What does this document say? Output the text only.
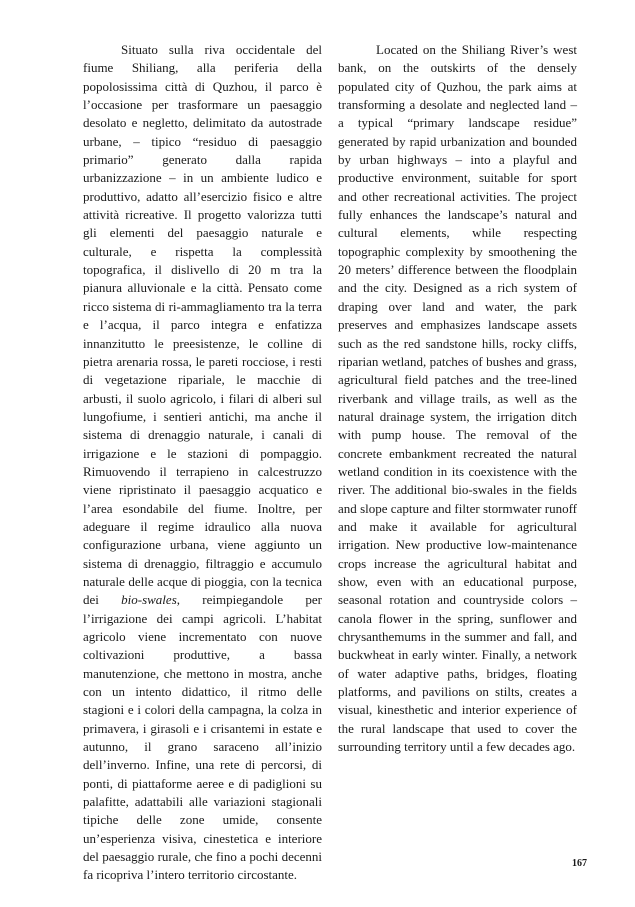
Situato sulla riva occidentale del fiume Shiliang, alla periferia della popolosissima città di Quzhou, il parco è l’occasione per trasformare un paesaggio desolato e negletto, delimitato da autostrade urbane, – tipico “residuo di paesaggio primario” generato dalla rapida urbanizzazione – in un ambiente ludico e produttivo, adatto all’esercizio fisico e altre attività ricreative. Il progetto valorizza tutti gli elementi del paesaggio naturale e culturale, e rispetta la complessità topografica, il dislivello di 20 m tra la pianura alluvionale e la città. Pensato come ricco sistema di ri-ammagliamento tra la terra e l’acqua, il parco integra e enfatizza innanzitutto le preesistenze, le colline di pietra arenaria rossa, le pareti rocciose, i resti di vegetazione ripariale, le macchie di arbusti, il suolo agricolo, i filari di alberi sul lungofiume, i sentieri antichi, ma anche il sistema di drenaggio naturale, i canali di irrigazione e le stazioni di pompaggio. Rimuovendo il terrapieno in calcestruzzo viene ripristinato il paesaggio acquatico e l’area esondabile del fiume. Inoltre, per adeguare il regime idraulico alla nuova configurazione urbana, viene aggiunto un sistema di drenaggio, filtraggio e accumulo naturale delle acque di pioggia, con la tecnica dei bio-swales, reimpiegandole per l’irrigazione dei campi agricoli. L’habitat agricolo viene incrementato con nuove coltivazioni produttive, a bassa manutenzione, che mettono in mostra, anche con un intento didattico, il ritmo delle stagioni e i colori della campagna, la colza in primavera, i girasoli e i crisantemi in estate e autunno, il grano saraceno all’inizio dell’inverno. Infine, una rete di percorsi, di ponti, di piattaforme aeree e di padiglioni su palafitte, adattabili alle variazioni stagionali tipiche delle zone umide, consente un’esperienza visiva, cinestetica e interiore del paesaggio rurale, che fino a pochi decenni fa ricopriva l’intero territorio circostante.

Located on the Shiliang River’s west bank, on the outskirts of the densely populated city of Quzhou, the park aims at transforming a desolate and neglected land – a typical “primary landscape residue” generated by rapid urbanization and bounded by urban highways – into a playful and productive environment, suitable for sport and other recreational activities. The project fully enhances the landscape’s natural and cultural elements, while respecting topographic complexity by smoothening the 20 meters’ difference between the floodplain and the city. Designed as a rich system of draping over land and water, the park preserves and emphasizes landscape assets such as the red sandstone hills, rocky cliffs, riparian wetland, patches of bushes and grass, agricultural field patches and the tree-lined riverbank and village trails, as well as the natural drainage system, the irrigation ditch with pump house. The removal of the concrete embankment recreated the natural wetland condition in its coexistence with the river. The additional bio-swales in the fields and slope capture and filter stormwater runoff and make it available for agricultural irrigation. New productive low-maintenance crops increase the agricultural habitat and show, even with an educational purpose, seasonal rotation and countryside colors – canola flower in the spring, sunflower and chrysanthemums in the summer and fall, and buckwheat in early winter. Finally, a network of water adaptive paths, bridges, floating platforms, and pavilions on stilts, creates a visual, kinesthetic and interior experience of the rural landscape that used to cover the surrounding territory until a few decades ago.

167
